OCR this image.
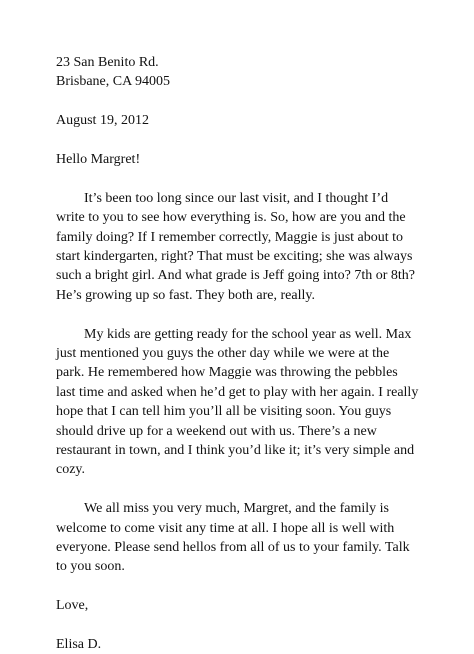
23 San Benito Rd.
Brisbane, CA 94005
August 19, 2012
Hello Margret!
It’s been too long since our last visit, and I thought I’d
write to you to see how everything is. So, how are you and the
family doing? If I remember correctly, Maggie is just about to
start kindergarten, right? That must be exciting; she was always
such a bright girl. And what grade is Jeff going into? 7th or 8th?
He’s growing up so fast. They both are, really.
My kids are getting ready for the school year as well. Max
just mentioned you guys the other day while we were at the
park. He remembered how Maggie was throwing the pebbles
last time and asked when he’d get to play with her again. I really
hope that I can tell him you’ll all be visiting soon. You guys
should drive up for a weekend out with us. There’s a new
restaurant in town, and I think you’d like it; it’s very simple and
cozy.
We all miss you very much, Margret, and the family is
welcome to come visit any time at all. I hope all is well with
everyone. Please send hellos from all of us to your family. Talk
to you soon.
Love,
Elisa D.
